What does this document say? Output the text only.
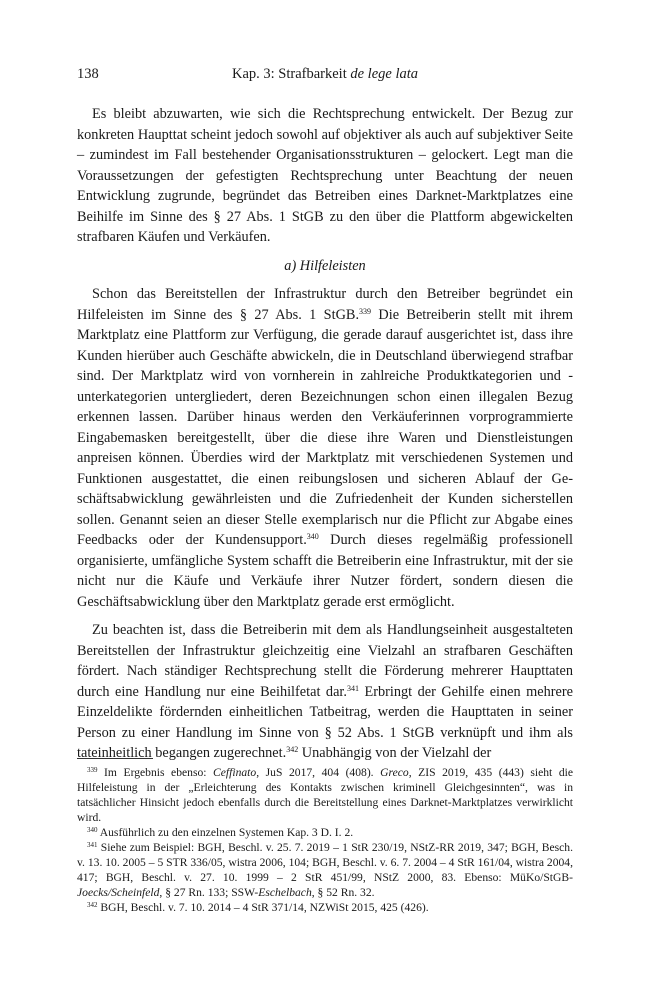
138	Kap. 3: Strafbarkeit de lege lata

Es bleibt abzuwarten, wie sich die Rechtsprechung entwickelt. Der Bezug zur konkreten Haupttat scheint jedoch sowohl auf objektiver als auch auf subjektiver Seite – zumindest im Fall bestehender Organisationsstrukturen – gelockert. Legt man die Voraussetzungen der gefestigten Rechtsprechung unter Beachtung der neuen Entwicklung zugrunde, begründet das Betreiben eines Darknet-Marktplatzes eine Beihilfe im Sinne des § 27 Abs. 1 StGB zu den über die Plattform abgewickelten strafbaren Käufen und Verkäufen.

a) Hilfeleisten

Schon das Bereitstellen der Infrastruktur durch den Betreiber begründet ein Hilfeleisten im Sinne des § 27 Abs. 1 StGB.$^{339}$ Die Betreiberin stellt mit ihrem Marktplatz eine Plattform zur Verfügung, die gerade darauf ausgerichtet ist, dass ihre Kunden hierüber auch Geschäfte abwickeln, die in Deutschland überwiegend strafbar sind. Der Marktplatz wird von vornherein in zahlreiche Produktkategorien und -unterkategorien untergliedert, deren Bezeichnungen schon einen illegalen Bezug erkennen lassen. Darüber hinaus werden den Verkäuferinnen vorprogrammierte Eingabemasken bereitgestellt, über die diese ihre Waren und Dienstleistungen anpreisen können. Überdies wird der Marktplatz mit verschiedenen Systemen und Funktionen ausgestattet, die einen reibungslosen und sicheren Ablauf der Geschäftsabwicklung gewährleisten und die Zufriedenheit der Kunden sicherstellen sollen. Genannt seien an dieser Stelle exemplarisch nur die Pflicht zur Abgabe eines Feedbacks oder der Kundensupport.$^{340}$ Durch dieses regelmäßig professionell organisierte, umfängliche System schafft die Betreiberin eine Infrastruktur, mit der sie nicht nur die Käufe und Verkäufe ihrer Nutzer fördert, sondern diesen die Geschäftsabwicklung über den Marktplatz gerade erst ermöglicht.

Zu beachten ist, dass die Betreiberin mit dem als Handlungseinheit ausgestalteten Bereitstellen der Infrastruktur gleichzeitig eine Vielzahl an strafbaren Geschäften fördert. Nach ständiger Rechtsprechung stellt die Förderung mehrerer Haupttaten durch eine Handlung nur eine Beihilfetat dar.$^{341}$ Erbringt der Gehilfe einen mehrere Einzeldelikte fördernden einheitlichen Tatbeitrag, werden die Haupttaten in seiner Person zu einer Handlung im Sinne von § 52 Abs. 1 StGB verknüpft und ihm als tateinheitlich begangen zugerechnet.$^{342}$ Unabhängig von der Vielzahl der

$^{339}$ Im Ergebnis ebenso: Ceffinato, JuS 2017, 404 (408). Greco, ZIS 2019, 435 (443) sieht die Hilfeleistung in der „Erleichterung des Kontakts zwischen kriminell Gleichgesinnten“, was in tatsächlicher Hinsicht jedoch ebenfalls durch die Bereitstellung eines Darknet-Marktplatzes verwirklicht wird.

$^{340}$ Ausführlich zu den einzelnen Systemen Kap. 3 D. I. 2.

$^{341}$ Siehe zum Beispiel: BGH, Beschl. v. 25. 7. 2019 – 1 StR 230/19, NStZ-RR 2019, 347; BGH, Besch. v. 13. 10. 2005 – 5 STR 336/05, wistra 2006, 104; BGH, Beschl. v. 6. 7. 2004 – 4 StR 161/04, wistra 2004, 417; BGH, Beschl. v. 27. 10. 1999 – 2 StR 451/99, NStZ 2000, 83. Ebenso: MüKo/StGB-Joecks/Scheinfeld, § 27 Rn. 133; SSW-Eschelbach, § 52 Rn. 32.

$^{342}$ BGH, Beschl. v. 7. 10. 2014 – 4 StR 371/14, NZWiSt 2015, 425 (426).
